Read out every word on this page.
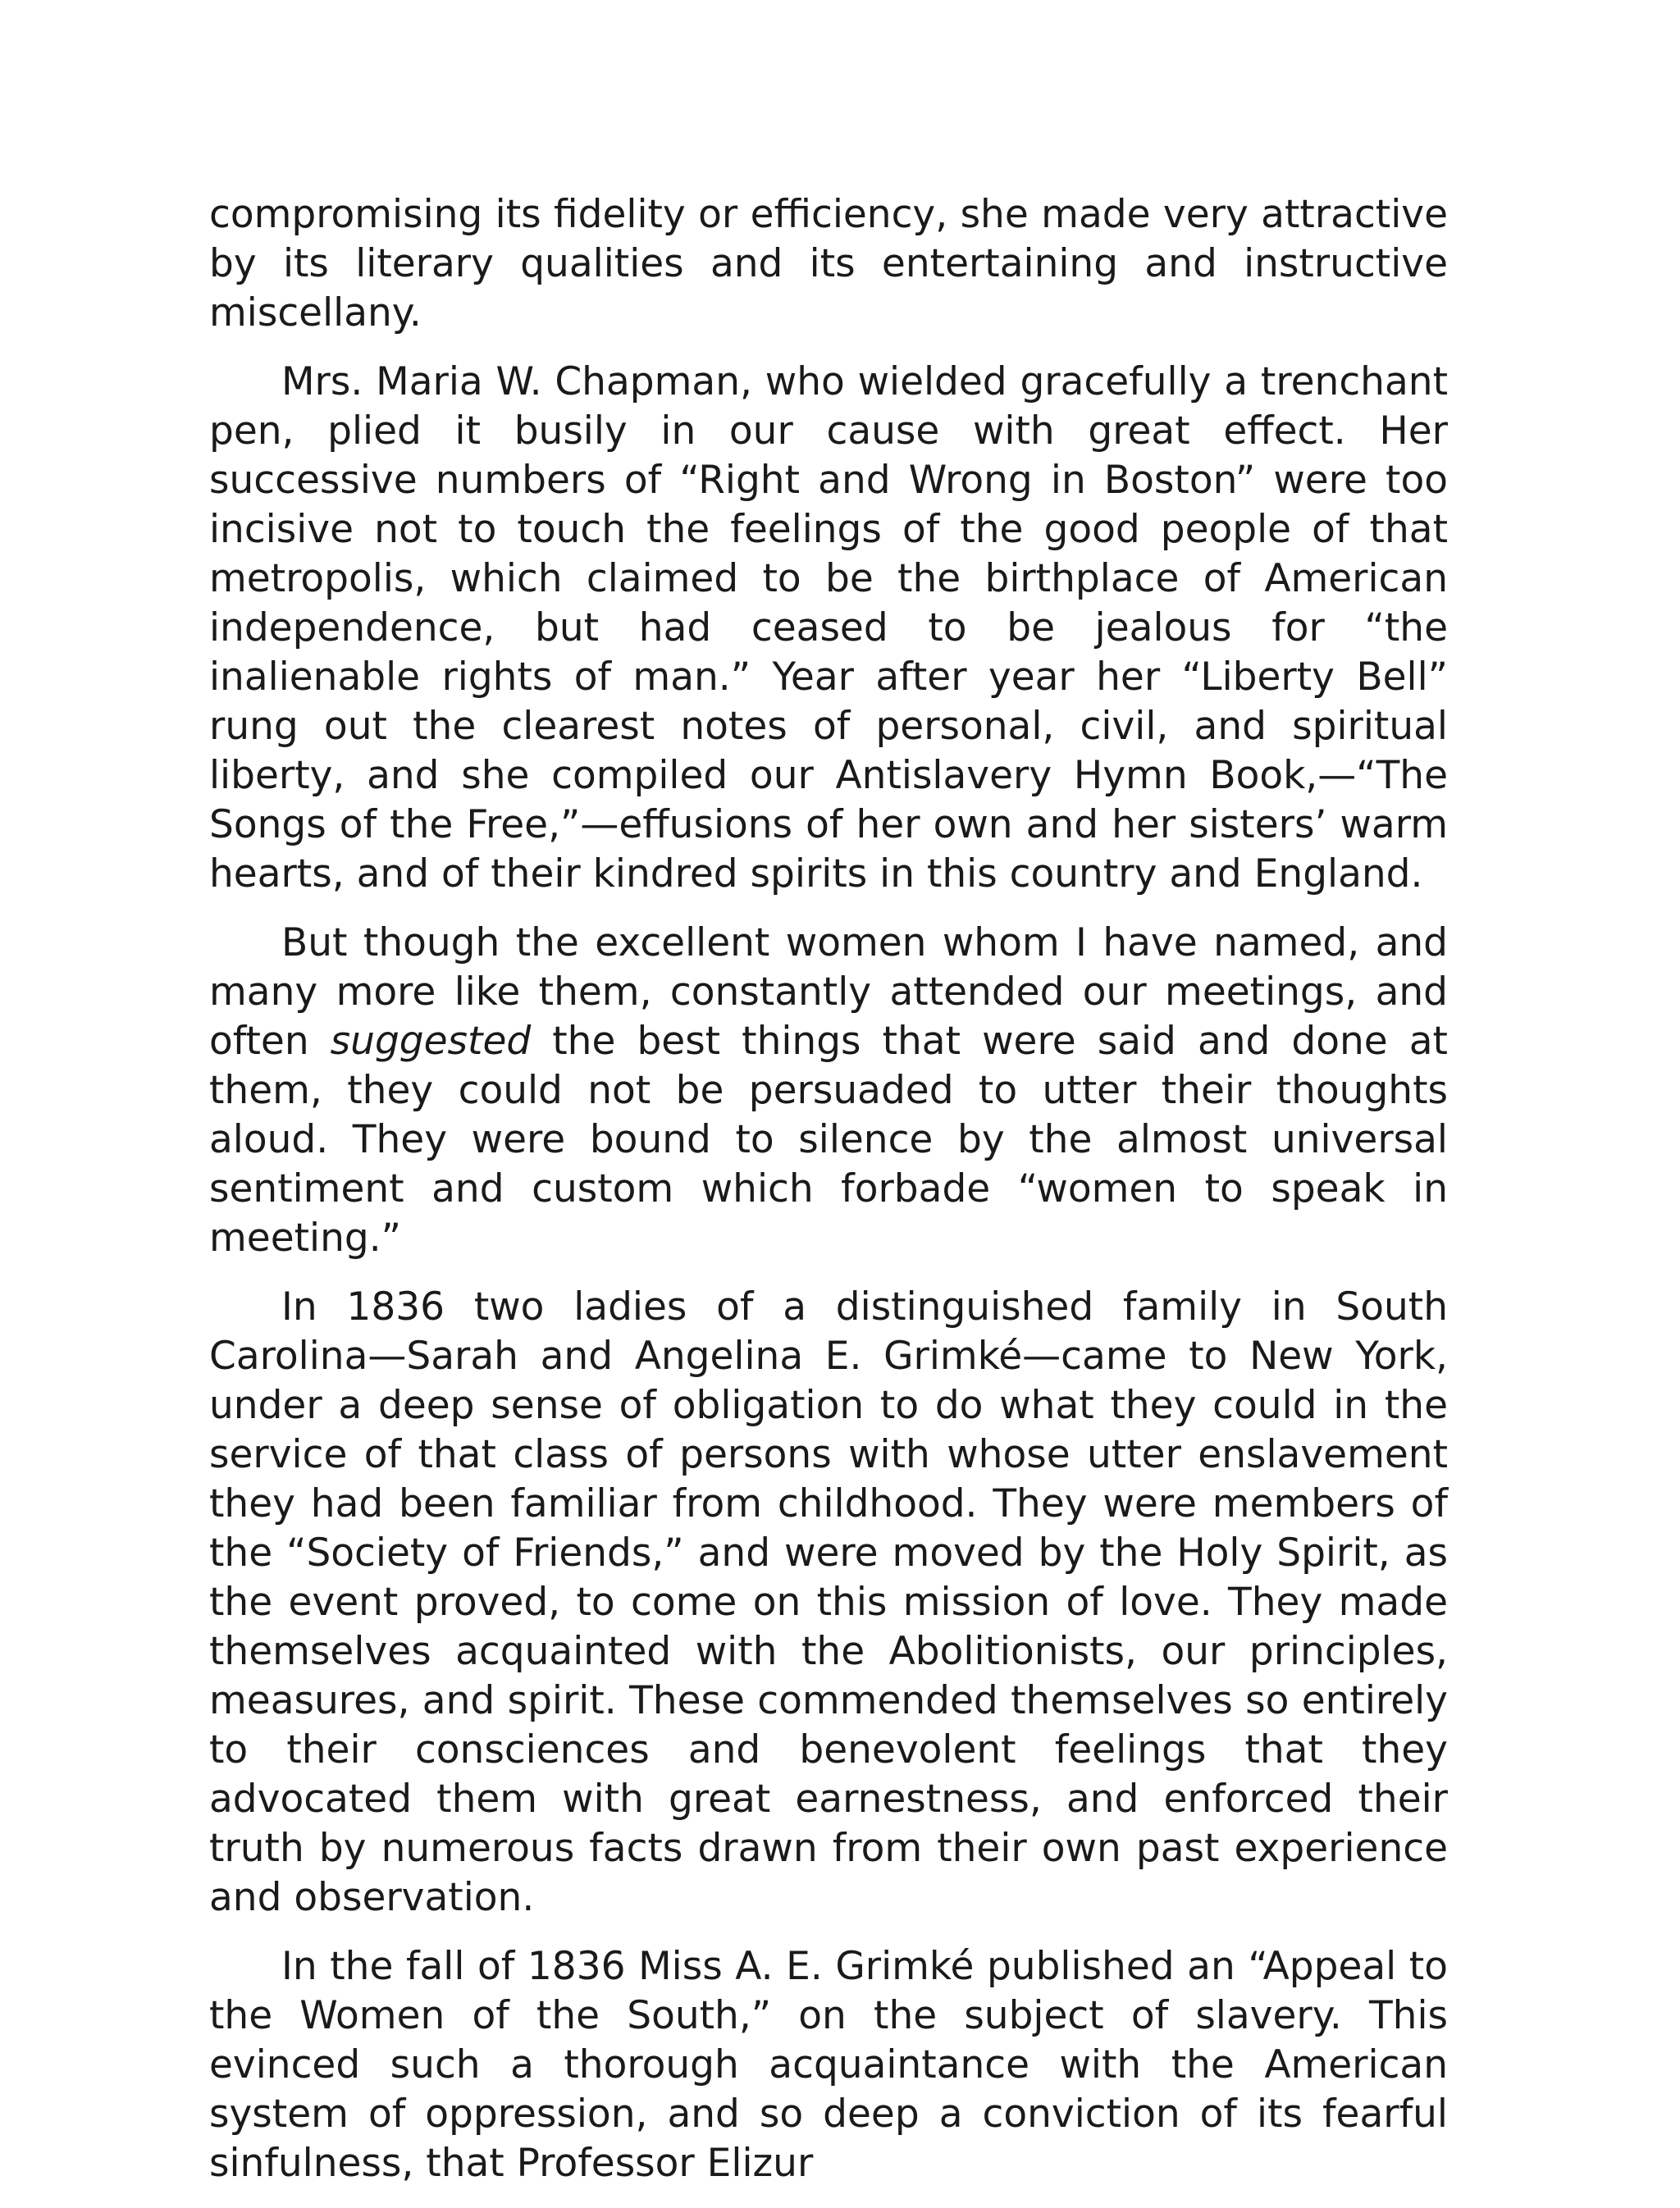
compromising its fidelity or efficiency, she made very attractive by its literary qualities and its entertaining and instructive miscellany.

Mrs. Maria W. Chapman, who wielded gracefully a trenchant pen, plied it busily in our cause with great effect. Her successive numbers of “Right and Wrong in Boston” were too incisive not to touch the feelings of the good people of that metropolis, which claimed to be the birthplace of American independence, but had ceased to be jealous for “the inalienable rights of man.” Year after year her “Liberty Bell” rung out the clearest notes of personal, civil, and spiritual liberty, and she compiled our Antislavery Hymn Book,—“The Songs of the Free,”—effusions of her own and her sisters’ warm hearts, and of their kindred spirits in this country and England.

But though the excellent women whom I have named, and many more like them, constantly attended our meetings, and often suggested the best things that were said and done at them, they could not be persuaded to utter their thoughts aloud. They were bound to silence by the almost universal sentiment and custom which forbade “women to speak in meeting.”

In 1836 two ladies of a distinguished family in South Carolina—Sarah and Angelina E. Grimké—came to New York, under a deep sense of obligation to do what they could in the service of that class of persons with whose utter enslavement they had been familiar from childhood. They were members of the “Society of Friends,” and were moved by the Holy Spirit, as the event proved, to come on this mission of love. They made themselves acquainted with the Abolitionists, our principles, measures, and spirit. These commended themselves so entirely to their consciences and benevolent feelings that they advocated them with great earnestness, and enforced their truth by numerous facts drawn from their own past experience and observation.

In the fall of 1836 Miss A. E. Grimké published an “Appeal to the Women of the South,” on the subject of slavery. This evinced such a thorough acquaintance with the American system of oppression, and so deep a conviction of its fearful sinfulness, that Professor Elizur
